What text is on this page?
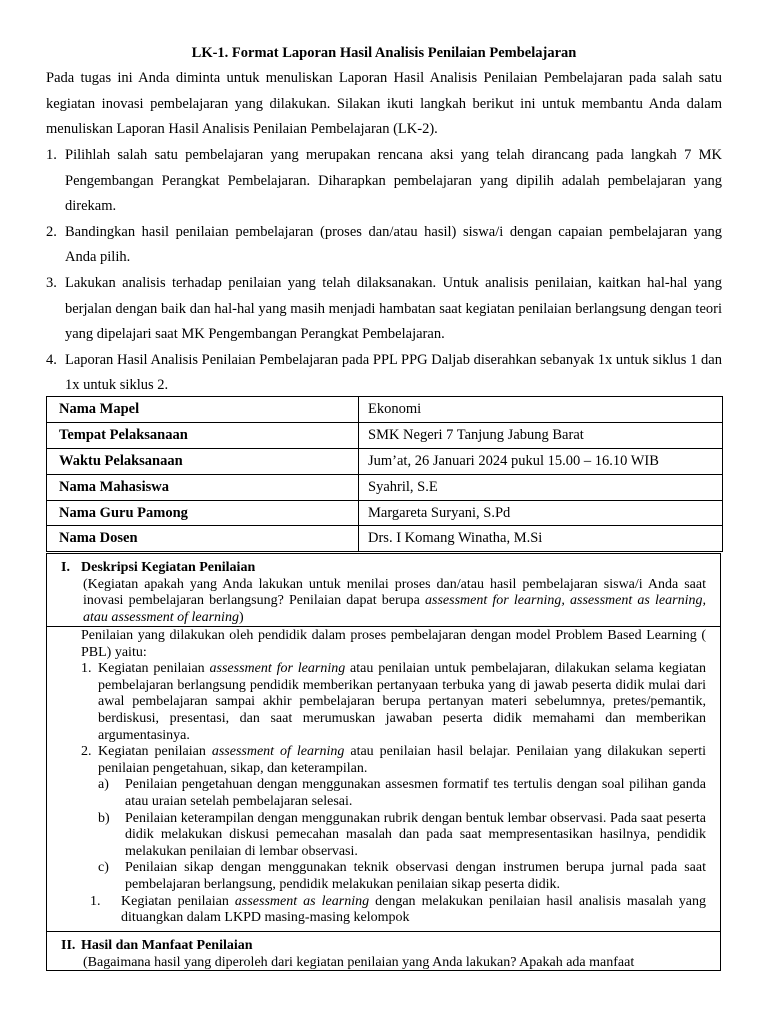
LK-1. Format Laporan Hasil Analisis Penilaian Pembelajaran

Pada tugas ini Anda diminta untuk menuliskan Laporan Hasil Analisis Penilaian Pembelajaran pada salah satu kegiatan inovasi pembelajaran yang dilakukan. Silakan ikuti langkah berikut ini untuk membantu Anda dalam menuliskan Laporan Hasil Analisis Penilaian Pembelajaran (LK-2).

1. Pilihlah salah satu pembelajaran yang merupakan rencana aksi yang telah dirancang pada langkah 7 MK Pengembangan Perangkat Pembelajaran. Diharapkan pembelajaran yang dipilih adalah pembelajaran yang direkam.
2. Bandingkan hasil penilaian pembelajaran (proses dan/atau hasil) siswa/i dengan capaian pembelajaran yang Anda pilih.
3. Lakukan analisis terhadap penilaian yang telah dilaksanakan. Untuk analisis penilaian, kaitkan hal-hal yang berjalan dengan baik dan hal-hal yang masih menjadi hambatan saat kegiatan penilaian berlangsung dengan teori yang dipelajari saat MK Pengembangan Perangkat Pembelajaran.
4. Laporan Hasil Analisis Penilaian Pembelajaran pada PPL PPG Daljab diserahkan sebanyak 1x untuk siklus 1 dan 1x untuk siklus 2.
Nama Mapel	Ekonomi
Tempat Pelaksanaan	SMK Negeri 7 Tanjung Jabung Barat
Waktu Pelaksanaan	Jum’at, 26 Januari 2024 pukul 15.00 – 16.10 WIB
Nama Mahasiswa	Syahril, S.E
Nama Guru Pamong	Margareta Suryani, S.Pd
Nama Dosen	Drs. I Komang Winatha, M.Si
I. Deskripsi Kegiatan Penilaian
(Kegiatan apakah yang Anda lakukan untuk menilai proses dan/atau hasil pembelajaran siswa/i Anda saat inovasi pembelajaran berlangsung? Penilaian dapat berupa assessment for learning, assessment as learning, atau assessment of learning)
Penilaian yang dilakukan oleh pendidik dalam proses pembelajaran dengan model Problem Based Learning ( PBL) yaitu:
1. Kegiatan penilaian assessment for learning atau penilaian untuk pembelajaran, dilakukan selama kegiatan pembelajaran berlangsung pendidik memberikan pertanyaan terbuka yang di jawab peserta didik mulai dari awal pembelajaran sampai akhir pembelajaran berupa pertanyan materi sebelumnya, pretes/pemantik, berdiskusi, presentasi, dan saat merumuskan jawaban peserta didik memahami dan memberikan argumentasinya.
2. Kegiatan penilaian assessment of learning atau penilaian hasil belajar. Penilaian yang dilakukan seperti penilaian pengetahuan, sikap, dan keterampilan.
a) Penilaian pengetahuan dengan menggunakan assesmen formatif tes tertulis dengan soal pilihan ganda atau uraian setelah pembelajaran selesai.
b) Penilaian keterampilan dengan menggunakan rubrik dengan bentuk lembar observasi. Pada saat peserta didik melakukan diskusi pemecahan masalah dan pada saat mempresentasikan hasilnya, pendidik melakukan penilaian di lembar observasi.
c) Penilaian sikap dengan menggunakan teknik observasi dengan instrumen berupa jurnal pada saat pembelajaran berlangsung, pendidik melakukan penilaian sikap peserta didik.
1. Kegiatan penilaian assessment as learning dengan melakukan penilaian hasil analisis masalah yang dituangkan dalam LKPD masing-masing kelompok
II. Hasil dan Manfaat Penilaian
(Bagaimana hasil yang diperoleh dari kegiatan penilaian yang Anda lakukan? Apakah ada manfaat
